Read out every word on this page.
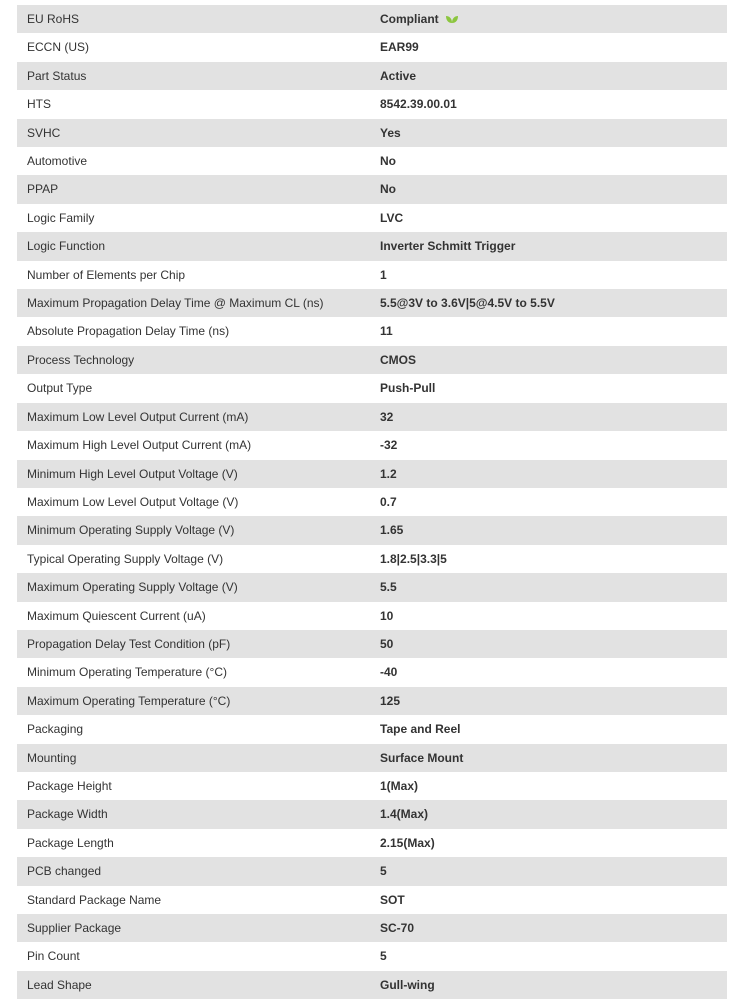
EU RoHS	Compliant
ECCN (US)	EAR99
Part Status	Active
HTS	8542.39.00.01
SVHC	Yes
Automotive	No
PPAP	No
Logic Family	LVC
Logic Function	Inverter Schmitt Trigger
Number of Elements per Chip	1
Maximum Propagation Delay Time @ Maximum CL (ns)	5.5@3V to 3.6V|5@4.5V to 5.5V
Absolute Propagation Delay Time (ns)	11
Process Technology	CMOS
Output Type	Push-Pull
Maximum Low Level Output Current (mA)	32
Maximum High Level Output Current (mA)	-32
Minimum High Level Output Voltage (V)	1.2
Maximum Low Level Output Voltage (V)	0.7
Minimum Operating Supply Voltage (V)	1.65
Typical Operating Supply Voltage (V)	1.8|2.5|3.3|5
Maximum Operating Supply Voltage (V)	5.5
Maximum Quiescent Current (uA)	10
Propagation Delay Test Condition (pF)	50
Minimum Operating Temperature (°C)	-40
Maximum Operating Temperature (°C)	125
Packaging	Tape and Reel
Mounting	Surface Mount
Package Height	1(Max)
Package Width	1.4(Max)
Package Length	2.15(Max)
PCB changed	5
Standard Package Name	SOT
Supplier Package	SC-70
Pin Count	5
Lead Shape	Gull-wing
